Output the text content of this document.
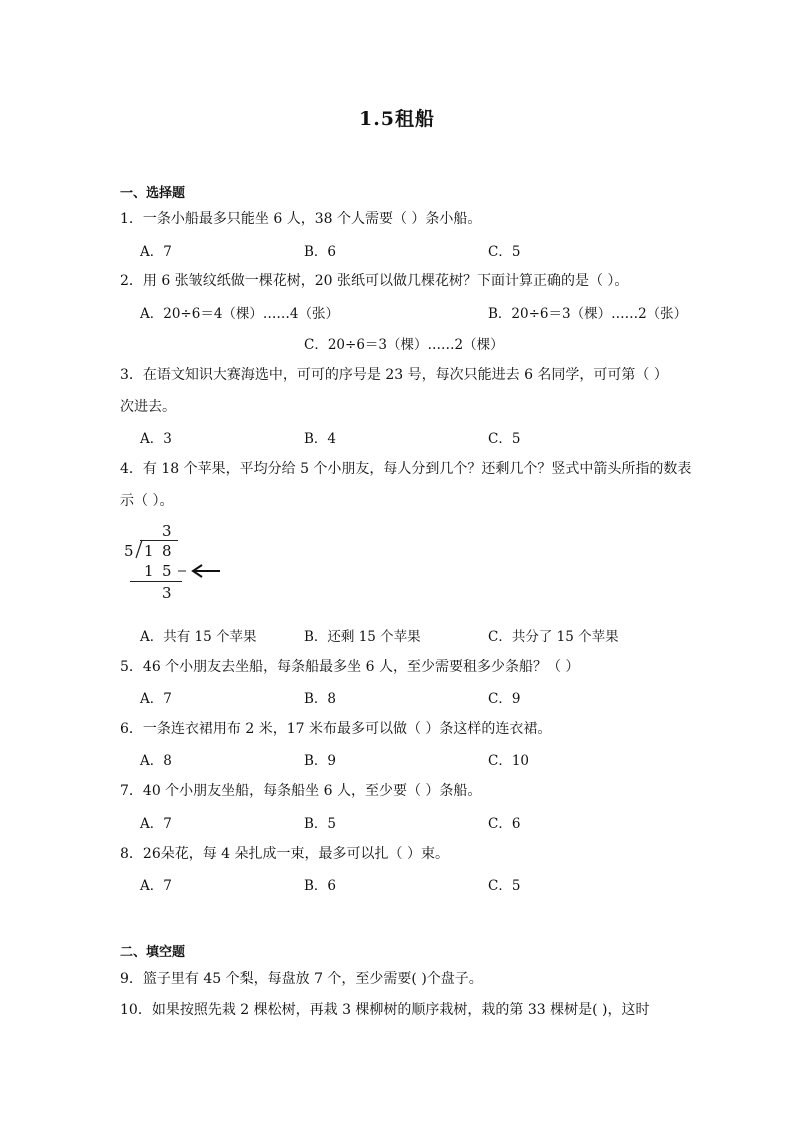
1.5租船
一、选择题
1．一条小船最多只能坐 6 人，38 个人需要（ ）条小船。
A．7	B．6	C．5
2．用 6 张皱纹纸做一棵花树，20 张纸可以做几棵花树？下面计算正确的是（ ）。
A．20÷6＝4（棵）……4（张）	B．20÷6＝3（棵）……2（张）
C．20÷6＝3（棵）……2（棵）
3．在语文知识大赛海选中，可可的序号是 23 号，每次只能进去 6 名同学，可可第（ ）
次进去。
A．3	B．4	C．5
4．有 18 个苹果，平均分给 5 个小朋友，每人分到几个？还剩几个？竖式中箭头所指的数表
示（ ）。
3
5 1 8
1 5
3
A．共有 15 个苹果	B．还剩 15 个苹果	C．共分了 15 个苹果
5．46 个小朋友去坐船，每条船最多坐 6 人，至少需要租多少条船？（ ）
A．7	B．8	C．9
6．一条连衣裙用布 2 米，17 米布最多可以做（ ）条这样的连衣裙。
A．8	B．9	C．10
7．40 个小朋友坐船，每条船坐 6 人，至少要（ ）条船。
A．7	B．5	C．6
8．26朵花，每 4 朵扎成一束，最多可以扎（ ）束。
A．7	B．6	C．5
二、填空题
9．篮子里有 45 个梨，每盘放 7 个，至少需要( )个盘子。
10．如果按照先栽 2 棵松树，再栽 3 棵柳树的顺序栽树，栽的第 33 棵树是( )，这时
